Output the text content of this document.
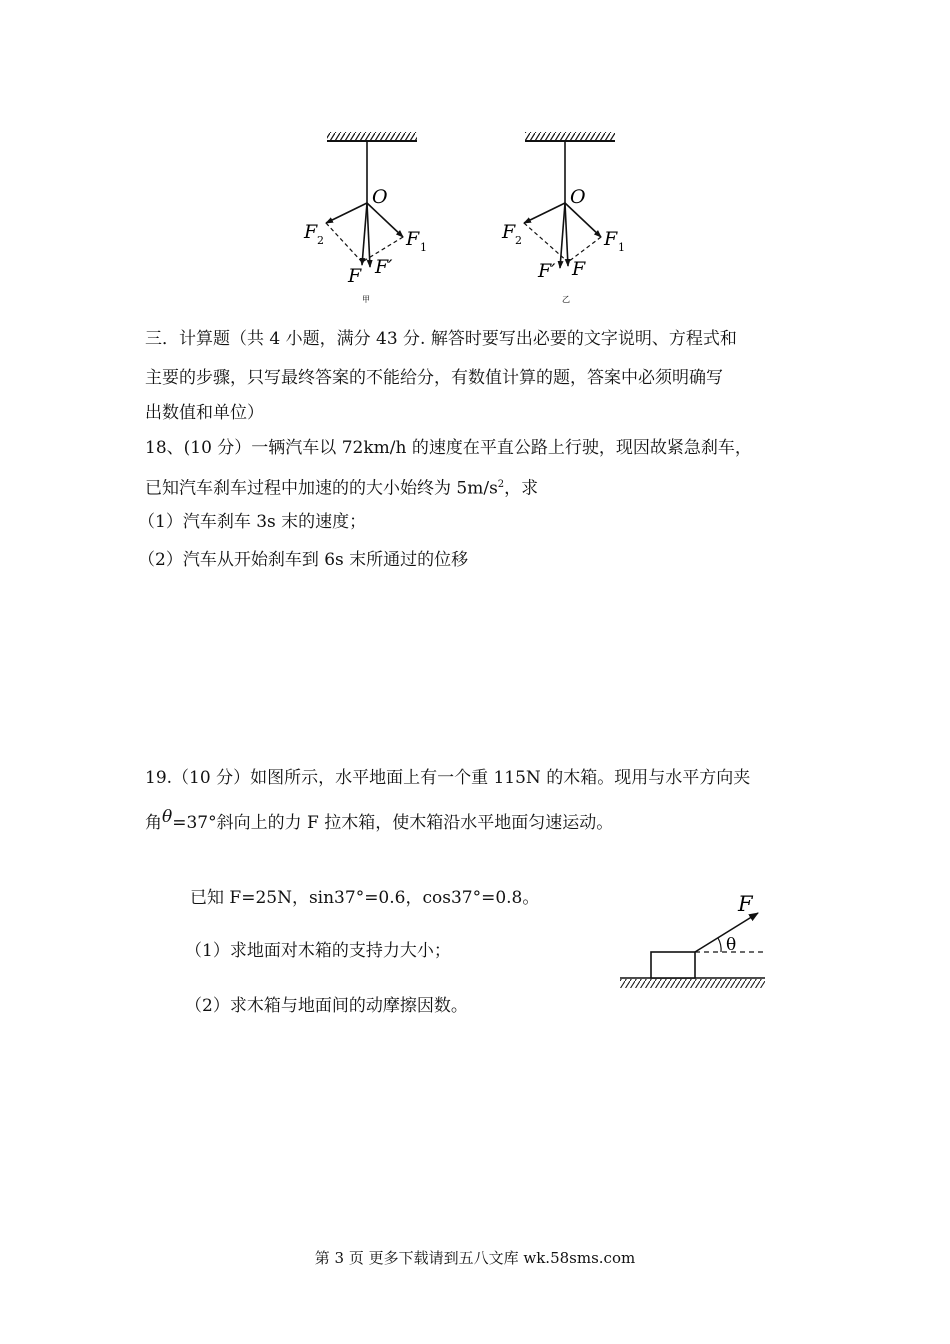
O
F 1
F 2
F F′
甲
O
F 1
F 2
F′ F
乙
三．计算题（共 4 小题，满分 43 分. 解答时要写出必要的文字说明、方程式和
主要的步骤，只写最终答案的不能给分，有数值计算的题，答案中必须明确写
出数值和单位）
18、(10 分）一辆汽车以 72km/h 的速度在平直公路上行驶，现因故紧急刹车，
已知汽车刹车过程中加速的的大小始终为 $5m/s^2$，求
（1）汽车刹车 3s 末的速度；
（2）汽车从开始刹车到 6s 末所通过的位移
19.（10 分）如图所示，水平地面上有一个重 115N 的木箱。现用与水平方向夹
角θ=37°斜向上的力 F 拉木箱，使木箱沿水平地面匀速运动。
已知 F=25N，sin37°=0.6，cos37°=0.8。
（1）求地面对木箱的支持力大小；
（2）求木箱与地面间的动摩擦因数。
F
θ
第 3 页 更多下载请到五八文库 wk.58sms.com
